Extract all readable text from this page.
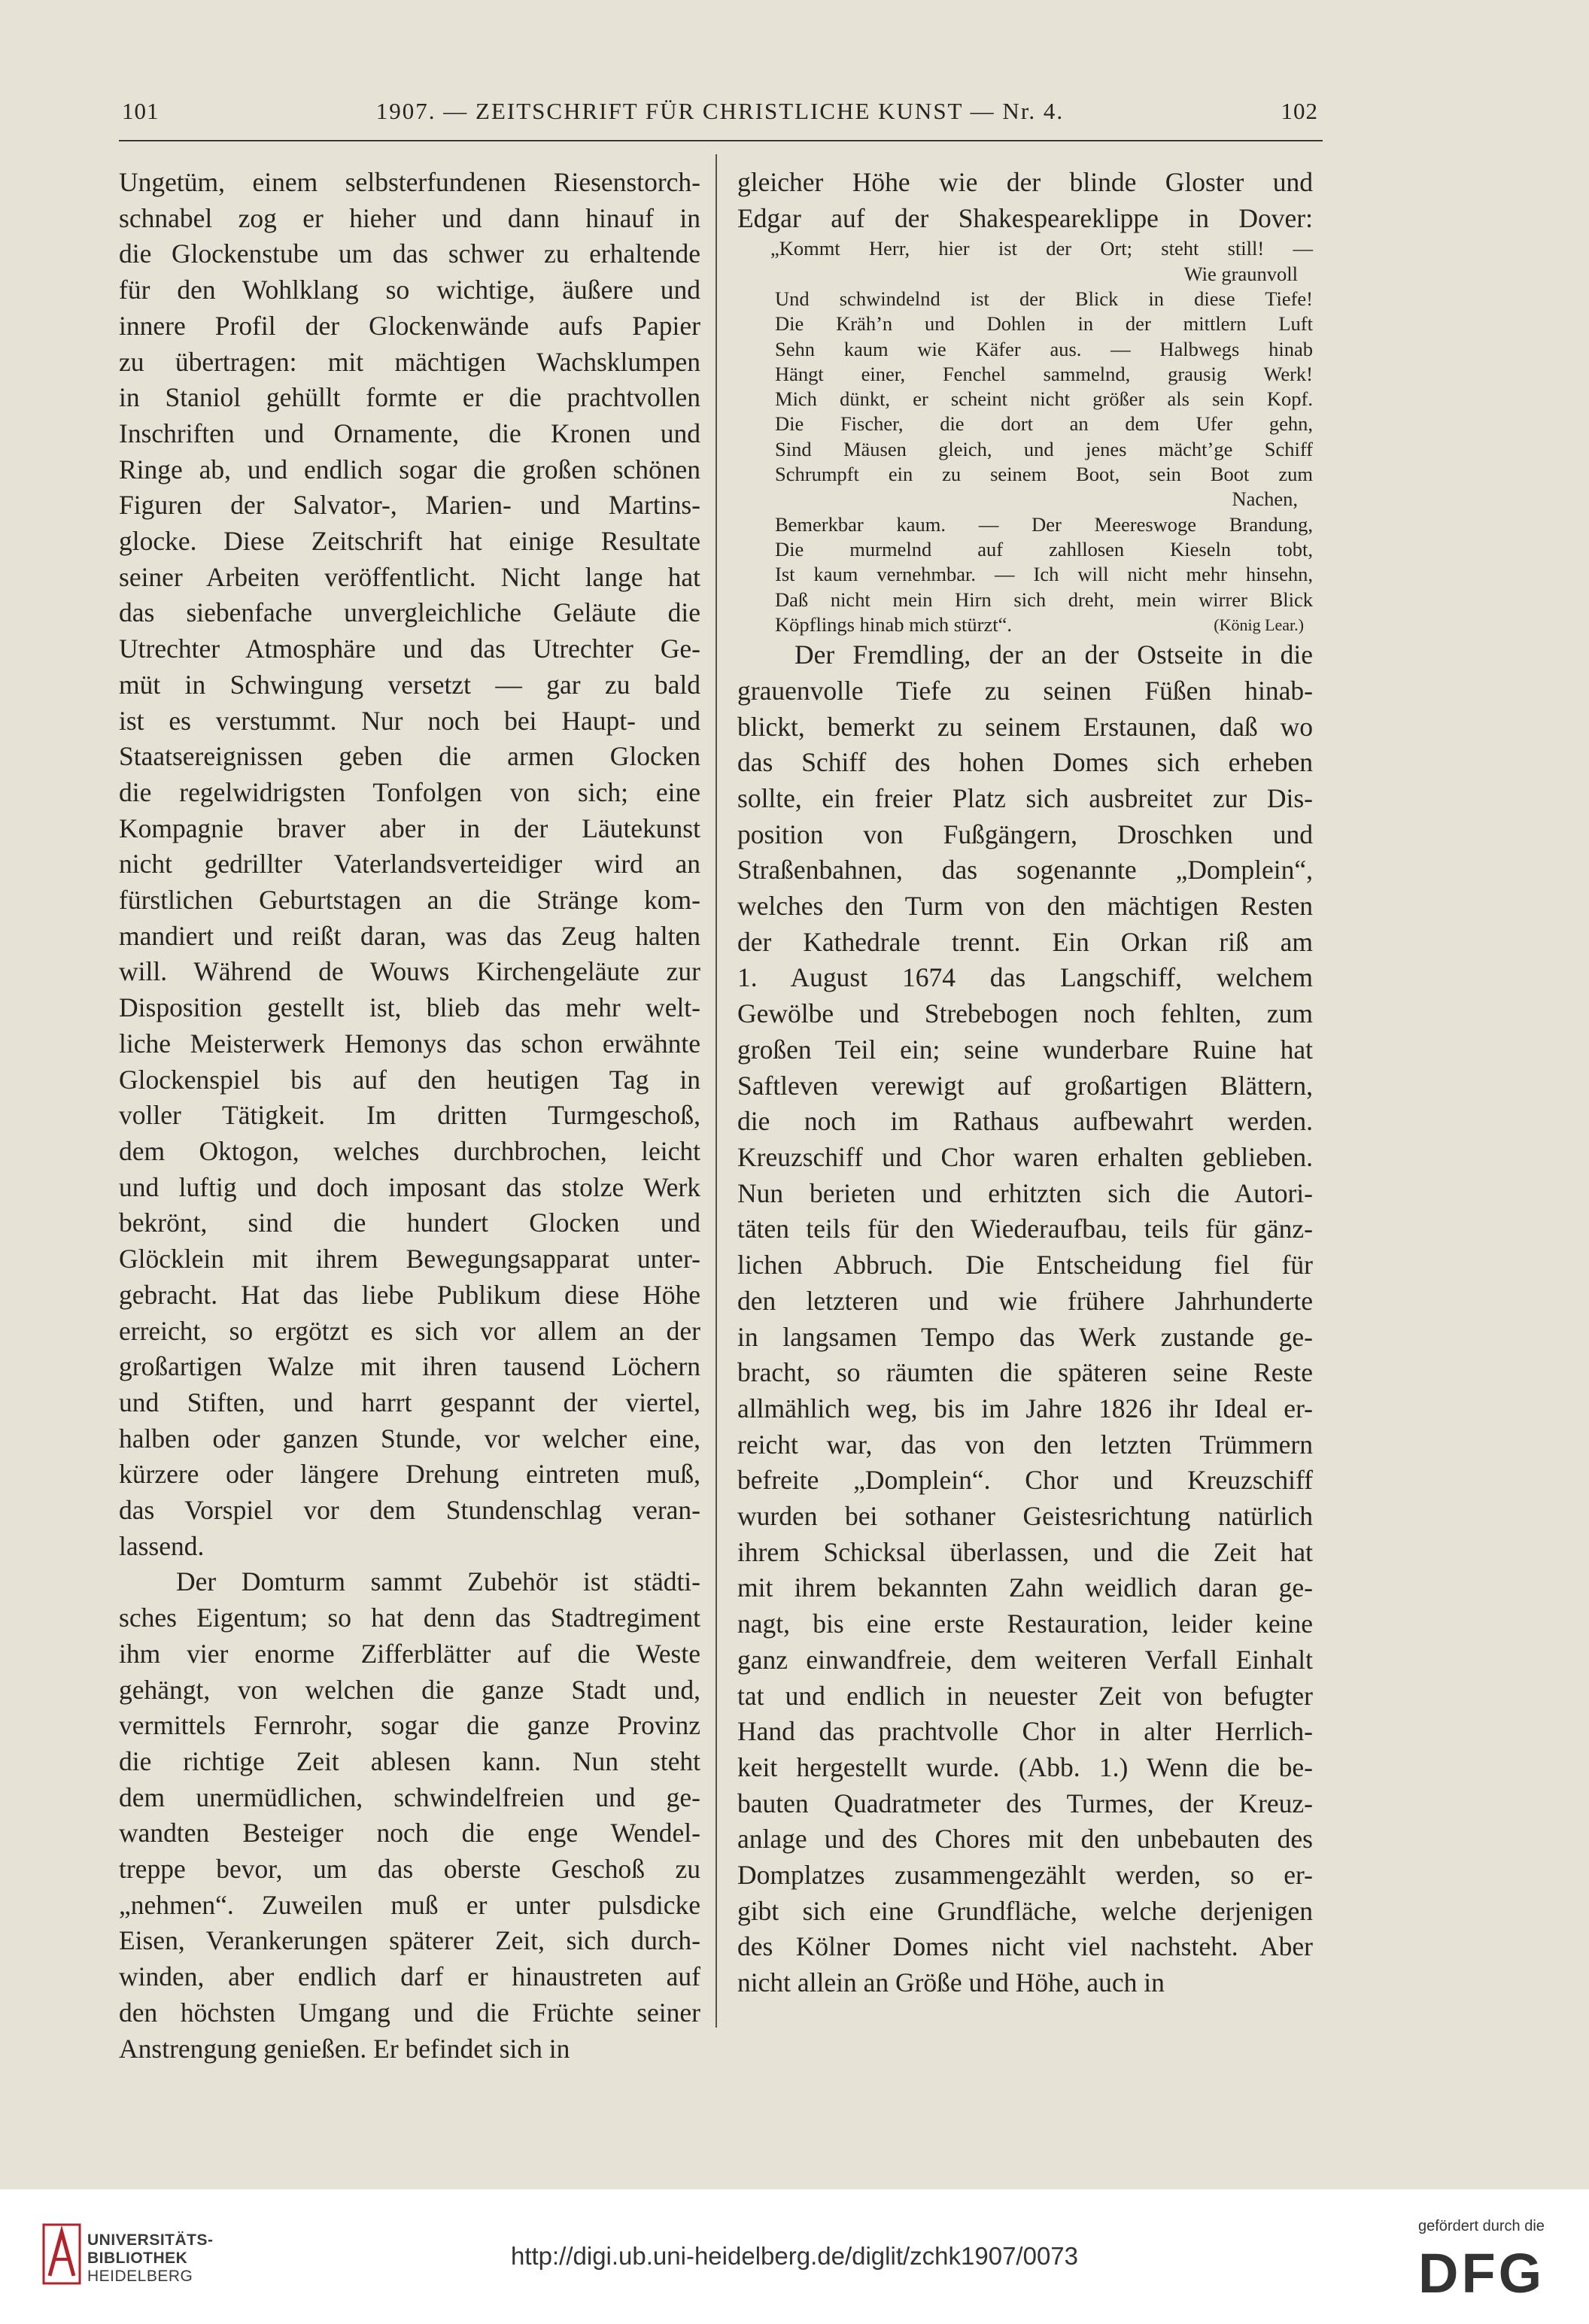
101	1907. — ZEITSCHRIFT FÜR CHRISTLICHE KUNST — Nr. 4.	102

Ungetüm, einem selbsterfundenen Riesenstorch-

schnabel zog er hieher und dann hinauf in

die Glockenstube um das schwer zu erhaltende

für den Wohlklang so wichtige, äußere und

innere Profil der Glockenwände aufs Papier

zu übertragen: mit mächtigen Wachsklumpen

in Staniol gehüllt formte er die prachtvollen

Inschriften und Ornamente, die Kronen und

Ringe ab, und endlich sogar die großen schönen

Figuren der Salvator-, Marien- und Martins-

glocke. Diese Zeitschrift hat einige Resultate

seiner Arbeiten veröffentlicht. Nicht lange hat

das siebenfache unvergleichliche Geläute die

Utrechter Atmosphäre und das Utrechter Ge-

müt in Schwingung versetzt — gar zu bald

ist es verstummt. Nur noch bei Haupt- und

Staatsereignissen geben die armen Glocken

die regelwidrigsten Tonfolgen von sich; eine

Kompagnie braver aber in der Läutekunst

nicht gedrillter Vaterlandsverteidiger wird an

fürstlichen Geburtstagen an die Stränge kom-

mandiert und reißt daran, was das Zeug halten

will. Während de Wouws Kirchengeläute zur

Disposition gestellt ist, blieb das mehr welt-

liche Meisterwerk Hemonys das schon erwähnte

Glockenspiel bis auf den heutigen Tag in

voller Tätigkeit. Im dritten Turmgeschoß,

dem Oktogon, welches durchbrochen, leicht

und luftig und doch imposant das stolze Werk

bekrönt, sind die hundert Glocken und

Glöcklein mit ihrem Bewegungsapparat unter-

gebracht. Hat das liebe Publikum diese Höhe

erreicht, so ergötzt es sich vor allem an der

großartigen Walze mit ihren tausend Löchern

und Stiften, und harrt gespannt der viertel,

halben oder ganzen Stunde, vor welcher eine,

kürzere oder längere Drehung eintreten muß,

das Vorspiel vor dem Stundenschlag veran-

lassend.

Der Domturm sammt Zubehör ist städti-

sches Eigentum; so hat denn das Stadtregiment

ihm vier enorme Zifferblätter auf die Weste

gehängt, von welchen die ganze Stadt und,

vermittels Fernrohr, sogar die ganze Provinz

die richtige Zeit ablesen kann. Nun steht

dem unermüdlichen, schwindelfreien und ge-

wandten Besteiger noch die enge Wendel-

treppe bevor, um das oberste Geschoß zu

„nehmen“. Zuweilen muß er unter pulsdicke

Eisen, Verankerungen späterer Zeit, sich durch-

winden, aber endlich darf er hinaustreten auf

den höchsten Umgang und die Früchte seiner

Anstrengung genießen. Er befindet sich in

gleicher Höhe wie der blinde Gloster und

Edgar auf der Shakespeareklippe in Dover:

„Kommt Herr, hier ist der Ort; steht still! —

Wie graunvoll

Und schwindelnd ist der Blick in diese Tiefe!

Die Kräh’n und Dohlen in der mittlern Luft

Sehn kaum wie Käfer aus. — Halbwegs hinab

Hängt einer, Fenchel sammelnd, grausig Werk!

Mich dünkt, er scheint nicht größer als sein Kopf.

Die Fischer, die dort an dem Ufer gehn,

Sind Mäusen gleich, und jenes mächt’ge Schiff

Schrumpft ein zu seinem Boot, sein Boot zum

Nachen,

Bemerkbar kaum. — Der Meereswoge Brandung,

Die murmelnd auf zahllosen Kieseln tobt,

Ist kaum vernehmbar. — Ich will nicht mehr hinsehn,

Daß nicht mein Hirn sich dreht, mein wirrer Blick

Köpflings hinab mich stürzt“.	(König Lear.)

Der Fremdling, der an der Ostseite in die

grauenvolle Tiefe zu seinen Füßen hinab-

blickt, bemerkt zu seinem Erstaunen, daß wo

das Schiff des hohen Domes sich erheben

sollte, ein freier Platz sich ausbreitet zur Dis-

position von Fußgängern, Droschken und

Straßenbahnen, das sogenannte „Domplein“,

welches den Turm von den mächtigen Resten

der Kathedrale trennt. Ein Orkan riß am

1. August 1674 das Langschiff, welchem

Gewölbe und Strebebogen noch fehlten, zum

großen Teil ein; seine wunderbare Ruine hat

Saftleven verewigt auf großartigen Blättern,

die noch im Rathaus aufbewahrt werden.

Kreuzschiff und Chor waren erhalten geblieben.

Nun berieten und erhitzten sich die Autori-

täten teils für den Wiederaufbau, teils für gänz-

lichen Abbruch. Die Entscheidung fiel für

den letzteren und wie frühere Jahrhunderte

in langsamen Tempo das Werk zustande ge-

bracht, so räumten die späteren seine Reste

allmählich weg, bis im Jahre 1826 ihr Ideal er-

reicht war, das von den letzten Trümmern

befreite „Domplein“. Chor und Kreuzschiff

wurden bei sothaner Geistesrichtung natürlich

ihrem Schicksal überlassen, und die Zeit hat

mit ihrem bekannten Zahn weidlich daran ge-

nagt, bis eine erste Restauration, leider keine

ganz einwandfreie, dem weiteren Verfall Einhalt

tat und endlich in neuester Zeit von befugter

Hand das prachtvolle Chor in alter Herrlich-

keit hergestellt wurde. (Abb. 1.) Wenn die be-

bauten Quadratmeter des Turmes, der Kreuz-

anlage und des Chores mit den unbebauten des

Domplatzes zusammengezählt werden, so er-

gibt sich eine Grundfläche, welche derjenigen

des Kölner Domes nicht viel nachsteht. Aber

nicht allein an Größe und Höhe, auch in

UNIVERSITÄTS-
BIBLIOTHEK
HEIDELBERG
http://digi.ub.uni-heidelberg.de/diglit/zchk1907/0073
gefördert durch die
DFG
